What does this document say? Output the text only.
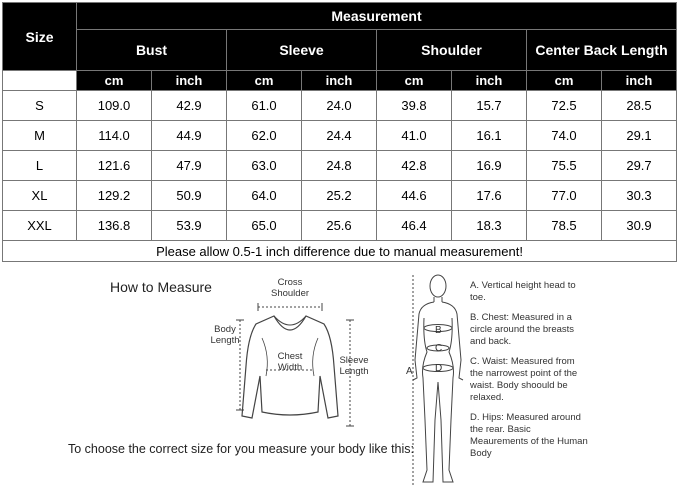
Size	Measurement							
	Bust		Sleeve		Shoulder		Center Back Length	
	cm	inch	cm	inch	cm	inch	cm	inch
S	109.0	42.9	61.0	24.0	39.8	15.7	72.5	28.5
M	114.0	44.9	62.0	24.4	41.0	16.1	74.0	29.1
L	121.6	47.9	63.0	24.8	42.8	16.9	75.5	29.7
XL	129.2	50.9	64.0	25.2	44.6	17.6	77.0	30.3
XXL	136.8	53.9	65.0	25.6	46.4	18.3	78.5	30.9
Please allow 0.5-1 inch difference due to manual measurement!								
How to Measure	Cross Shoulder
Body Length
Chest Width
Sleeve Length	A
B
C
D
A. Vertical height head to toe.
B. Chest: Measured in a circle around the breasts and back.
C. Waist: Measured from the narrowest point of the waist. Body shoould be relaxed.
D. Hips: Measured around the rear. Basic Meaurements of the Human Body
To choose the correct size for you measure your body like this:
